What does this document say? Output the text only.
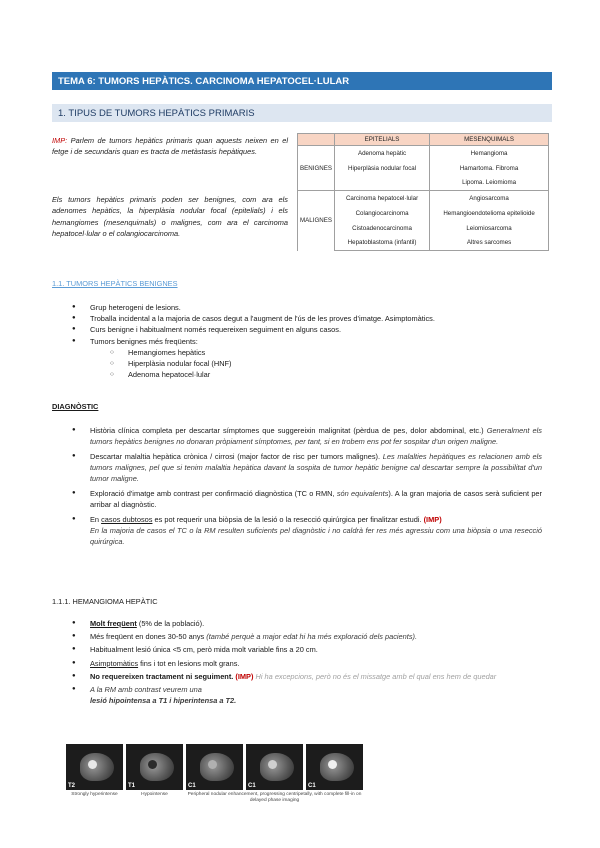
TEMA 6: TUMORS HEPÀTICS. CARCINOMA HEPATOCEL·LULAR
1. TIPUS DE TUMORS HEPÀTICS PRIMARIS
IMP: Parlem de tumors hepàtics primaris quan aquests neixen en el fetge i de secundaris quan es tracta de metàstasis hepàtiques.
Els tumors hepàtics primaris poden ser benignes, com ara els adenomes hepàtics, la hiperplàsia nodular focal (epitelials) i els hemangiomes (mesenquimals) o malignes, com ara el carcinoma hepatocel·lular o el colangiocarcinoma.
	EPITELIALS	MESENQUIMALS
BENIGNES	Adenoma hepàtic	Hemangioma
	Hiperplàsia nodular focal	Hamartoma. Fibroma
		Lipoma. Leiomioma
MALIGNES	Carcinoma hepatocel·lular	Angiosarcoma
	Colangiocarcinoma	Hemangioendotelioma epitelioide
	Cistoadenocarcinoma	Leiomiosarcoma
	Hepatoblastoma (infantil)	Altres sarcomes
1.1. TUMORS HEPÀTICS BENIGNES
● Grup heterogeni de lesions.
● Troballa incidental a la majoria de casos degut a l'augment de l'ús de les proves d'imatge. Asimptomàtics.
● Curs benigne i habitualment només requereixen seguiment en alguns casos.
● Tumors benignes més freqüents:
○ Hemangiomes hepàtics
○ Hiperplàsia nodular focal (HNF)
○ Adenoma hepatocel·lular
DIAGNÒSTIC
● Història clínica completa per descartar símptomes que suggereixin malignitat (pèrdua de pes, dolor abdominal, etc.) Generalment els tumors hepàtics benignes no donaran pròpiament símptomes, per tant, si en trobem ens pot fer sospitar d'un origen maligne.
● Descartar malaltia hepàtica crònica / cirrosi (major factor de risc per tumors malignes). Les malalties hepàtiques es relacionen amb els tumors malignes, pel que si tenim malaltia hepàtica davant la sospita de tumor hepàtic benigne cal descartar sempre la possibilitat d'un tumor maligne.
● Exploració d'imatge amb contrast per confirmació diagnòstica (TC o RMN, són equivalents). A la gran majoria de casos serà suficient per arribar al diagnòstic.
● En casos dubtosos es pot requerir una biòpsia de la lesió o la resecció quirúrgica per finalitzar estudi. (IMP)
En la majoria de casos el TC o la RM resulten suficients pel diagnòstic i no caldrà fer res més agressiu com una biòpsia o una resecció quirúrgica.
1.1.1. HEMANGIOMA HEPÀTIC
● Molt freqüent (5% de la població).
● Més freqüent en dones 30-50 anys (també perquè a major edat hi ha més exploració dels pacients).
● Habitualment lesió única <5 cm, però mida molt variable fins a 20 cm.
● Asimptomàtics fins i tot en lesions molt grans.
● No requereixen tractament ni seguiment. (IMP) Hi ha excepcions, però no és el missatge amb el qual ens hem de quedar
● A la RM amb contrast veurem una
lesió hipointensa a T1 i hiperintensa a T2.
T2	T1	C1	C1	C1
Strongly hyperintense	Hypointense	Peripheral nodular enhancement, progressing centripetally, with complete fill-in on delayed phase imaging
